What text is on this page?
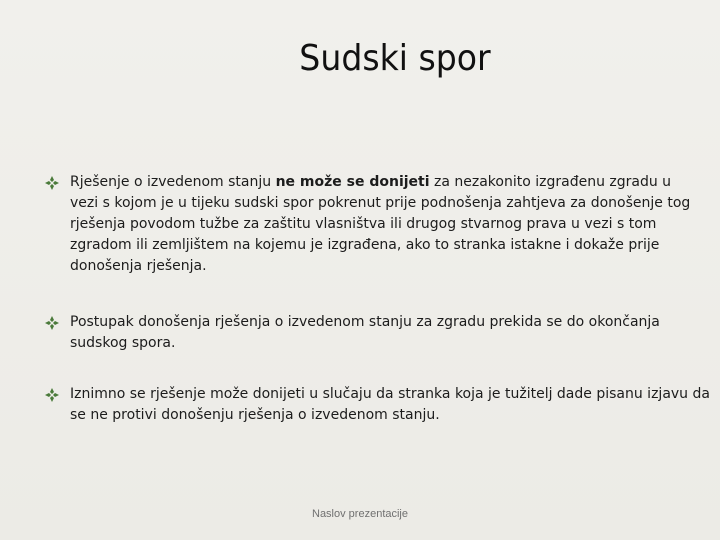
Sudski spor
Rješenje o izvedenom stanju ne može se donijeti za nezakonito izgrađenu zgradu u vezi s kojom je u tijeku sudski spor pokrenut prije podnošenja zahtjeva za donošenje tog rješenja povodom tužbe za zaštitu vlasništva ili drugog stvarnog prava u vezi s tom zgradom ili zemljištem na kojemu je izgrađena, ako to stranka istakne i dokaže prije donošenja rješenja.
Postupak donošenja rješenja o izvedenom stanju za zgradu prekida se do okončanja sudskog spora.
Iznimno se rješenje može donijeti u slučaju da stranka koja je tužitelj dade pisanu izjavu da se ne protivi donošenju rješenja o izvedenom stanju.
Naslov prezentacije
